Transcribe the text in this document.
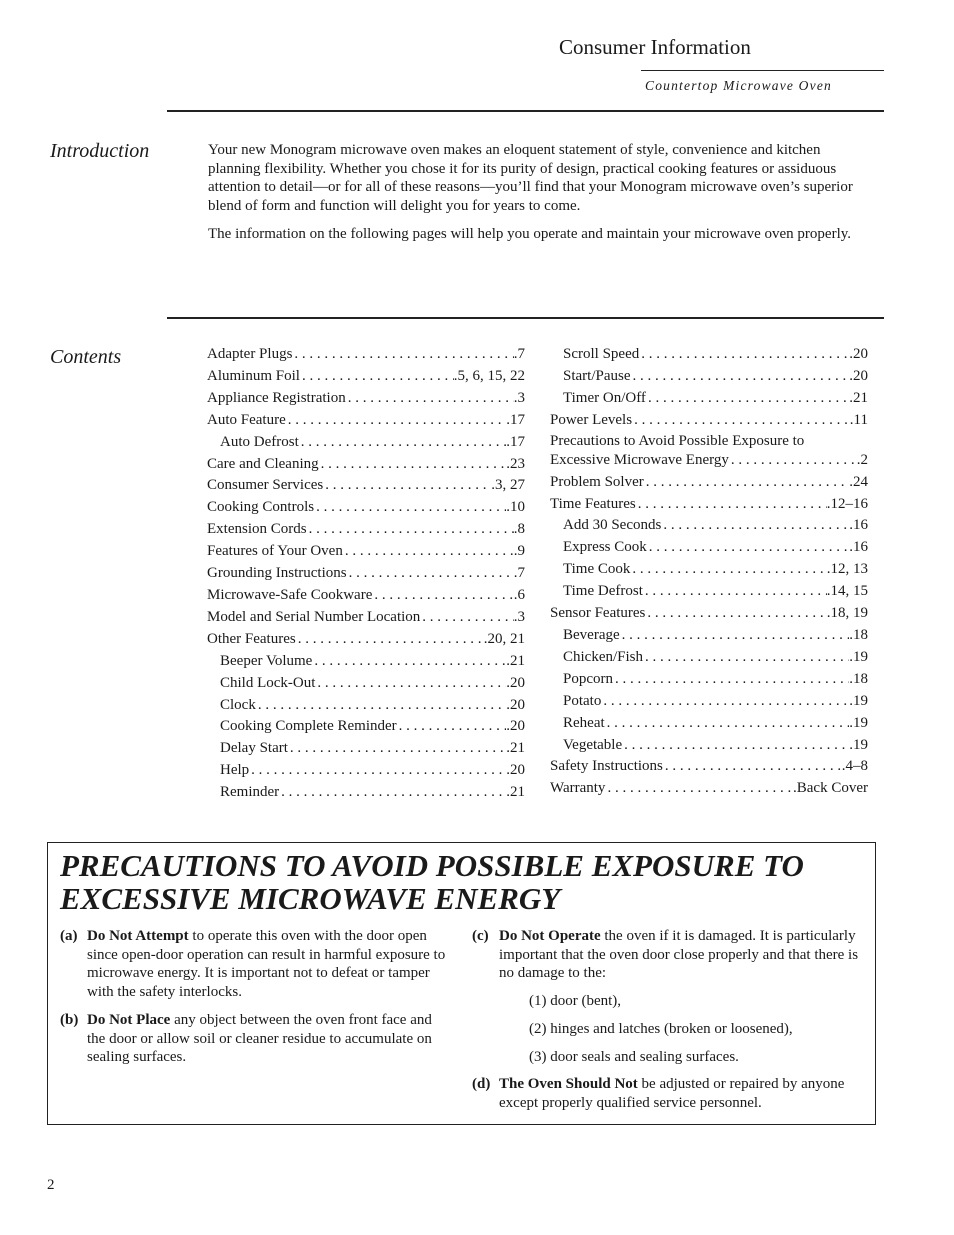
Consumer Information
Countertop Microwave Oven
Introduction	Your new Monogram microwave oven makes an eloquent statement of style, convenience and kitchen planning flexibility. Whether you chose it for its purity of design, practical cooking features or assiduous attention to detail—or for all of these reasons—you’ll find that your Monogram microwave oven’s superior blend of form and function will delight you for years to come.

The information on the following pages will help you operate and maintain your microwave oven properly.

Contents	Adapter Plugs . . .	.7
Aluminum Foil . . .	.5, 6, 15, 22
Appliance Registration . . .	.3
Auto Feature . . .	.17
Auto Defrost . . .	.17
Care and Cleaning . . .	.23
Consumer Services . . .	.3, 27
Cooking Controls . . .	.10
Extension Cords . . .	.8
Features of Your Oven . . .	.9
Grounding Instructions . . .	.7
Microwave-Safe Cookware . . .	.6
Model and Serial Number Location . . .	.3
Other Features . . .	.20, 21
Beeper Volume . . .	.21
Child Lock-Out . . .	.20
Clock . . .	.20
Cooking Complete Reminder . . .	.20
Delay Start . . .	.21
Help . . .	.20
Reminder . . .	.21
Scroll Speed . . .	.20
Start/Pause . . .	.20
Timer On/Off . . .	.21
Power Levels . . .	.11
Precautions to Avoid Possible Exposure to
Excessive Microwave Energy . . .	.2
Problem Solver . . .	.24
Time Features . . .	.12–16
Add 30 Seconds . . .	.16
Express Cook . . .	.16
Time Cook . . .	.12, 13
Time Defrost . . .	.14, 15
Sensor Features . . .	.18, 19
Beverage . . .	.18
Chicken/Fish . . .	.19
Popcorn . . .	.18
Potato . . .	.19
Reheat . . .	.19
Vegetable . . .	.19
Safety Instructions . . .	.4–8
Warranty . . .	.Back Cover
PRECAUTIONS TO AVOID POSSIBLE EXPOSURE TO EXCESSIVE MICROWAVE ENERGY
(a) Do Not Attempt to operate this oven with the door open since open-door operation can result in harmful exposure to microwave energy. It is important not to defeat or tamper with the safety interlocks.
(b) Do Not Place any object between the oven front face and the door or allow soil or cleaner residue to accumulate on sealing surfaces.
(c) Do Not Operate the oven if it is damaged. It is particularly important that the oven door close properly and that there is no damage to the:
(1) door (bent),
(2) hinges and latches (broken or loosened),
(3) door seals and sealing surfaces.
(d) The Oven Should Not be adjusted or repaired by anyone except properly qualified service personnel.
2
